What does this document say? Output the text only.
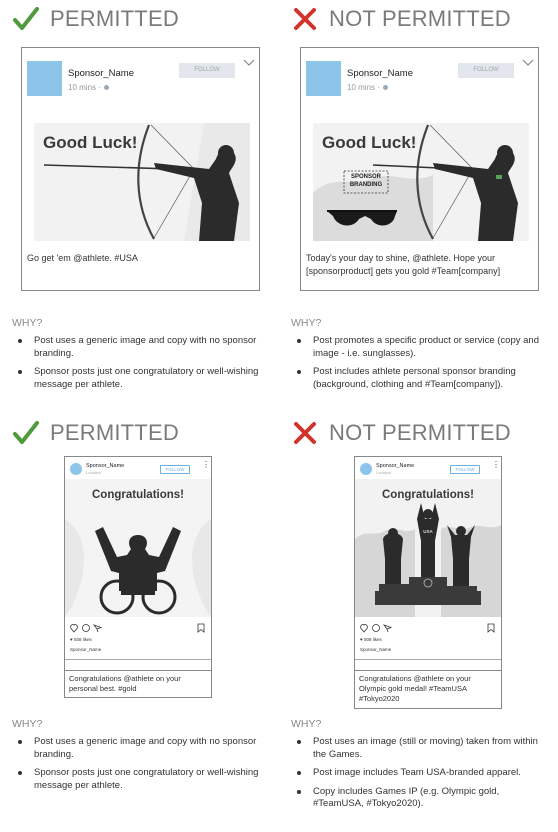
PERMITTED
Sponsor_Name
10 mins ·
FOLLOW
Good Luck!
Go get 'em @athlete. #USA
WHY?
Post uses a generic image and copy with no sponsor branding.
Sponsor posts just one congratulatory or well-wishing message per athlete.
NOT PERMITTED
Sponsor_Name
10 mins ·
FOLLOW
Good Luck!
SPONSOR BRANDING
Today's your day to shine, @athlete. Hope your [sponsorproduct] gets you gold #Team[company]
WHY?
Post promotes a specific product or service (copy and image - i.e. sunglasses).
Post includes athlete personal sponsor branding (background, clothing and #Team[company]).
PERMITTED
Sponsor_Name
Location
FOLLOW
⋮
Congratulations!
♥ 508 likes
Sponsor_Name
Congratulations @athlete on your personal best. #gold
WHY?
Post uses a generic image and copy with no sponsor branding.
Sponsor posts just one congratulatory or well-wishing message per athlete.
NOT PERMITTED
Sponsor_Name
Location
FOLLOW
⋮
Congratulations!
USA
♥ 508 likes
Sponsor_Name
Congratulations @athlete on your Olympic gold medal! #TeamUSA #Tokyo2020
WHY?
Post uses an image (still or moving) taken from within the Games.
Post image includes Team USA-branded apparel.
Copy includes Games IP (e.g. Olympic gold, #TeamUSA, #Tokyo2020).
